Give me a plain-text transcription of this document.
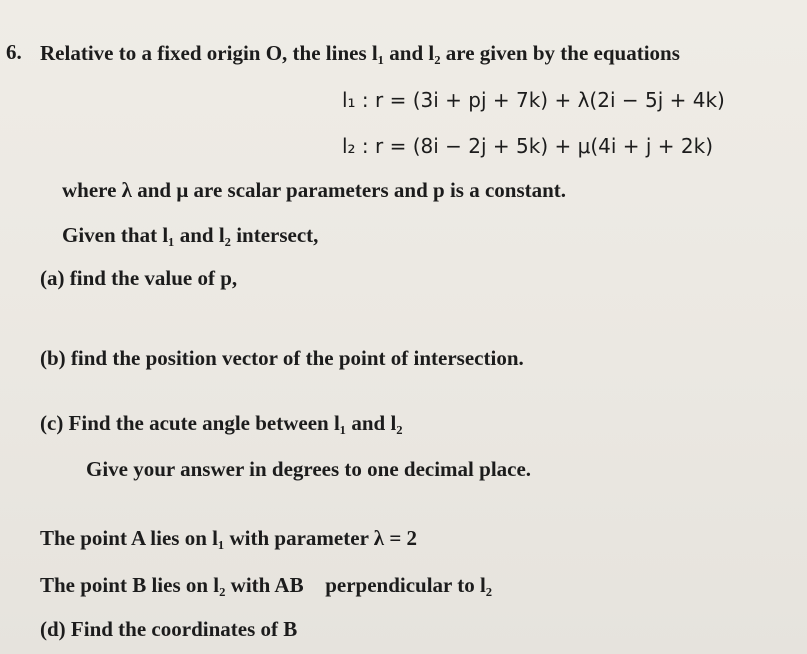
6. Relative to a fixed origin O, the lines l₁ and l₂ are given by the equations
l₁ : r = (3i + pj + 7k) + λ(2i − 5j + 4k)
l₂ : r = (8i − 2j + 5k) + μ(4i + j + 2k)
where λ and μ are scalar parameters and p is a constant.
Given that l₁ and l₂ intersect,
(a) find the value of p,
(b) find the position vector of the point of intersection.
(c) Find the acute angle between l₁ and l₂
Give your answer in degrees to one decimal place.
The point A lies on l₁ with parameter λ = 2
The point B lies on l₂ with AB⃗ perpendicular to l₂
(d) Find the coordinates of B
